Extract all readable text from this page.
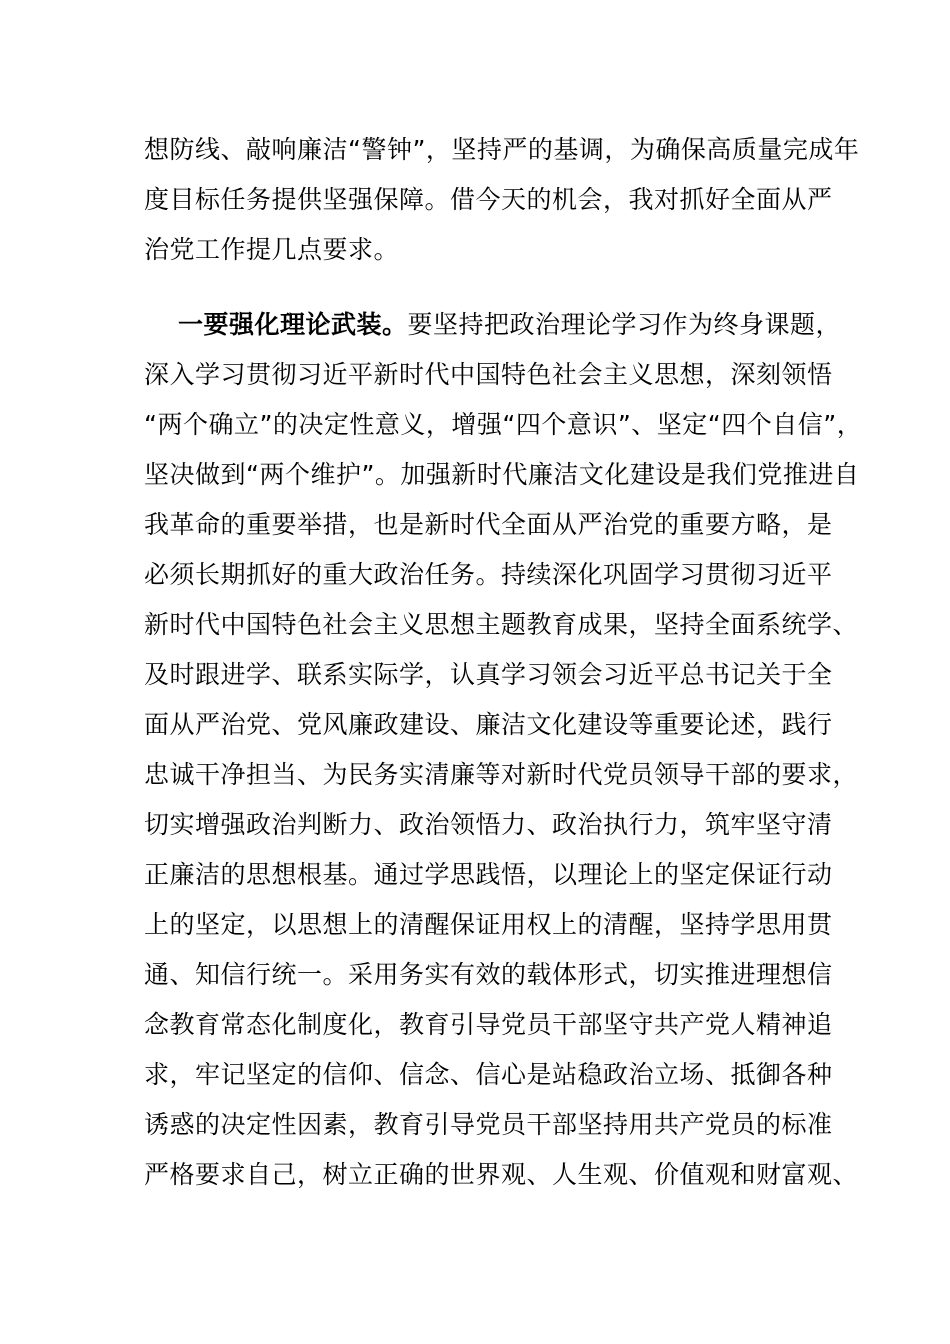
想防线、敲响廉洁“警钟”，坚持严的基调，为确保高质量完成年
度目标任务提供坚强保障。借今天的机会，我对抓好全面从严
治党工作提几点要求。
一要强化理论武装。要坚持把政治理论学习作为终身课题，
深入学习贯彻习近平新时代中国特色社会主义思想，深刻领悟
“两个确立”的决定性意义，增强“四个意识”、坚定“四个自信”，
坚决做到“两个维护”。加强新时代廉洁文化建设是我们党推进自
我革命的重要举措，也是新时代全面从严治党的重要方略，是
必须长期抓好的重大政治任务。持续深化巩固学习贯彻习近平
新时代中国特色社会主义思想主题教育成果，坚持全面系统学、
及时跟进学、联系实际学，认真学习领会习近平总书记关于全
面从严治党、党风廉政建设、廉洁文化建设等重要论述，践行
忠诚干净担当、为民务实清廉等对新时代党员领导干部的要求，
切实增强政治判断力、政治领悟力、政治执行力，筑牢坚守清
正廉洁的思想根基。通过学思践悟，以理论上的坚定保证行动
上的坚定，以思想上的清醒保证用权上的清醒，坚持学思用贯
通、知信行统一。采用务实有效的载体形式，切实推进理想信
念教育常态化制度化，教育引导党员干部坚守共产党人精神追
求，牢记坚定的信仰、信念、信心是站稳政治立场、抵御各种
诱惑的决定性因素，教育引导党员干部坚持用共产党员的标准
严格要求自己，树立正确的世界观、人生观、价值观和财富观、
